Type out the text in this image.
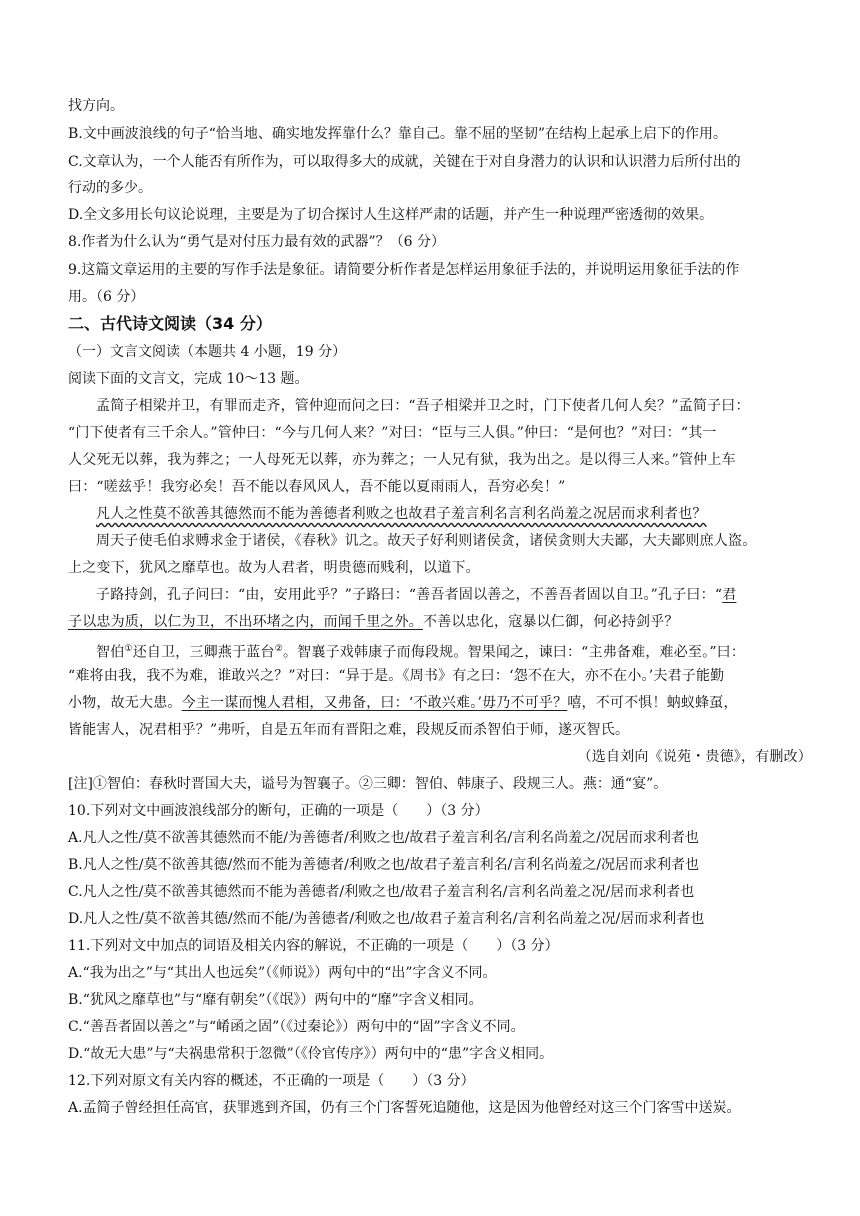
找方向。
B.文中画波浪线的句子“恰当地、确实地发挥靠什么？靠自己。靠不屈的坚韧”在结构上起承上启下的作用。
C.文章认为，一个人能否有所作为，可以取得多大的成就，关键在于对自身潜力的认识和认识潜力后所付出的
行动的多少。
D.全文多用长句议论说理，主要是为了切合探讨人生这样严肃的话题，并产生一种说理严密透彻的效果。
8.作者为什么认为“勇气是对付压力最有效的武器”？（6 分）
9.这篇文章运用的主要的写作手法是象征。请简要分析作者是怎样运用象征手法的，并说明运用象征手法的作
用。（6 分）
二、古代诗文阅读（34 分）
（一）文言文阅读（本题共 4 小题，19 分）
阅读下面的文言文，完成 10～13 题。
孟简子相梁并卫，有罪而走齐，管仲迎而问之曰：“吾子相梁并卫之时，门下使者几何人矣？”孟简子曰：
“门下使者有三千余人。”管仲曰：“今与几何人来？”对曰：“臣与三人俱。”仲曰：“是何也？”对曰：“其一
人父死无以葬，我为葬之；一人母死无以葬，亦为葬之；一人兄有狱，我为出之。是以得三人来。”管仲上车
曰：“嗟兹乎！我穷必矣！吾不能以春风风人，吾不能以夏雨雨人，吾穷必矣！”
凡人之性莫不欲善其德然而不能为善德者利败之也故君子羞言利名言利名尚羞之况居而求利者也？
周天子使毛伯求赙求金于诸侯，《春秋》讥之。故天子好利则诸侯贪，诸侯贪则大夫鄙，大夫鄙则庶人盗。
上之变下，犹风之靡草也。故为人君者，明贵德而贱利，以道下。
子路持剑，孔子问曰：“由，安用此乎？”子路曰：“善吾者固以善之，不善吾者固以自卫。”孔子曰：“君
子以忠为质，以仁为卫，不出环堵之内，而闻千里之外。不善以忠化，寇暴以仁御，何必持剑乎？
智伯①还自卫，三卿燕于蓝台②。智襄子戏韩康子而侮段规。智果闻之，谏曰：“主弗备难，难必至。”曰：
“难将由我，我不为难，谁敢兴之？”对曰：“异于是。《周书》有之曰：‘怨不在大，亦不在小。’夫君子能勤
小物，故无大患。今主一谋而愧人君相，又弗备，曰：‘不敢兴难。’毋乃不可乎？嘻，不可不惧！蚋蚁蜂虿，
皆能害人，况君相乎？”弗听，自是五年而有晋阳之难，段规反而杀智伯于师，遂灭智氏。
（选自刘向《说苑・贵德》，有删改）
[注]①智伯：春秋时晋国大夫，谥号为智襄子。②三卿：智伯、韩康子、段规三人。燕：通“宴”。
10.下列对文中画波浪线部分的断句，正确的一项是（　　）（3 分）
A.凡人之性/莫不欲善其德然而不能/为善德者/利败之也/故君子羞言利名/言利名尚羞之/况居而求利者也
B.凡人之性/莫不欲善其德/然而不能为善德者/利败之也/故君子羞言利名/言利名尚羞之/况居而求利者也
C.凡人之性/莫不欲善其德然而不能为善德者/利败之也/故君子羞言利名/言利名尚羞之况/居而求利者也
D.凡人之性/莫不欲善其德/然而不能/为善德者/利败之也/故君子羞言利名/言利名尚羞之况/居而求利者也
11.下列对文中加点的词语及相关内容的解说，不正确的一项是（　　）（3 分）
A.“我为出之”与“其出人也远矣”（《师说》）两句中的“出”字含义不同。
B.“犹风之靡草也”与“靡有朝矣”（《氓》）两句中的“靡”字含义相同。
C.“善吾者固以善之”与“崤函之固”（《过秦论》）两句中的“固”字含义不同。
D.“故无大患”与“夫祸患常积于忽微”（《伶官传序》）两句中的“患”字含义相同。
12.下列对原文有关内容的概述，不正确的一项是（　　）（3 分）
A.孟简子曾经担任高官，获罪逃到齐国，仍有三个门客誓死追随他，这是因为他曾经对这三个门客雪中送炭。
